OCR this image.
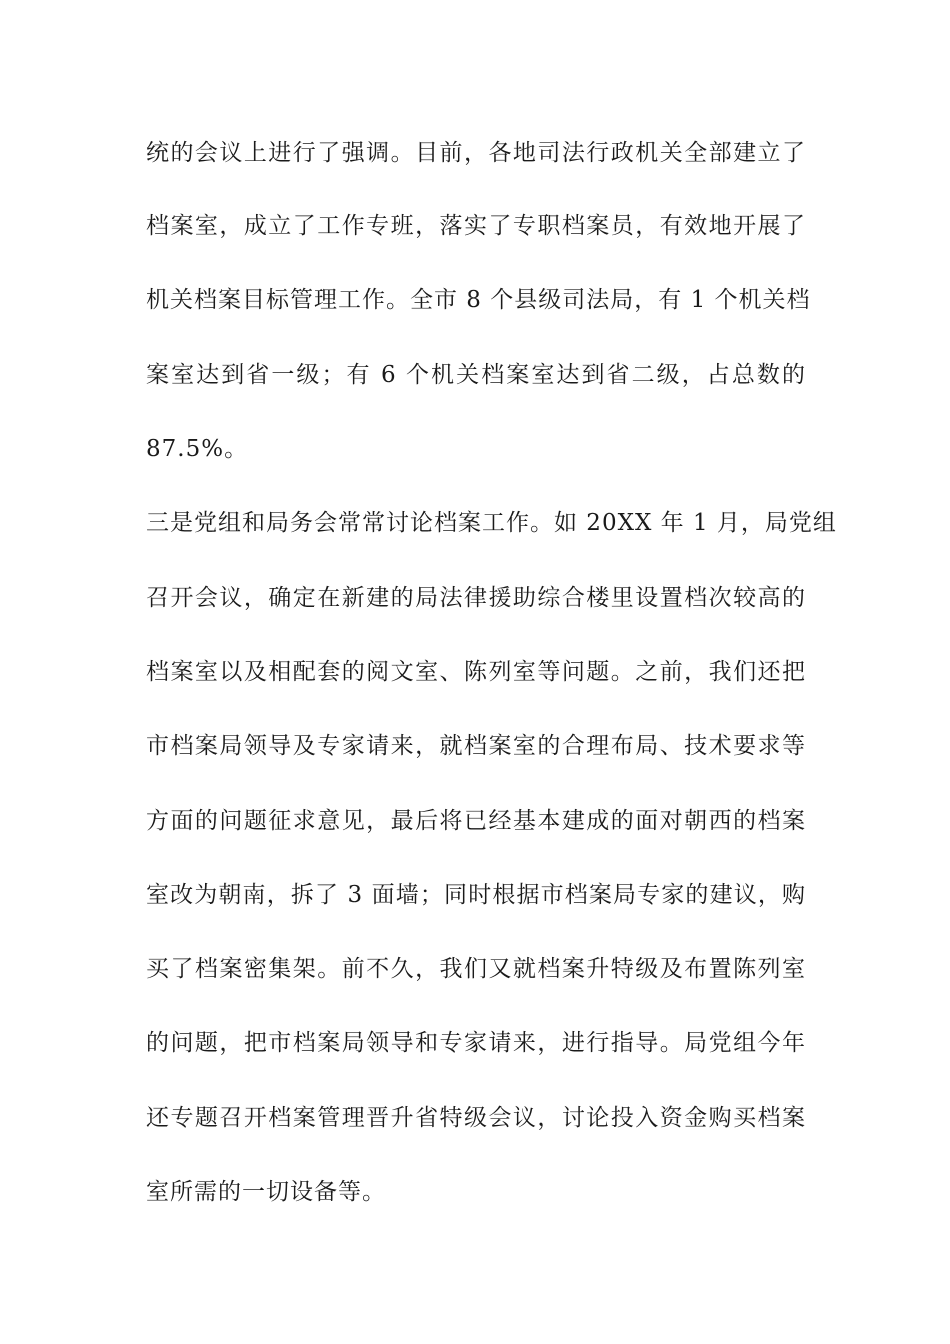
统的会议上进行了强调。目前，各地司法行政机关全部建立了
档案室，成立了工作专班，落实了专职档案员，有效地开展了
机关档案目标管理工作。全市 8 个县级司法局，有 1 个机关档
案室达到省一级；有 6 个机关档案室达到省二级，占总数的
87.5%。
三是党组和局务会常常讨论档案工作。如 20XX 年 1 月，局党组
召开会议，确定在新建的局法律援助综合楼里设置档次较高的
档案室以及相配套的阅文室、陈列室等问题。之前，我们还把
市档案局领导及专家请来，就档案室的合理布局、技术要求等
方面的问题征求意见，最后将已经基本建成的面对朝西的档案
室改为朝南，拆了 3 面墙；同时根据市档案局专家的建议，购
买了档案密集架。前不久，我们又就档案升特级及布置陈列室
的问题，把市档案局领导和专家请来，进行指导。局党组今年
还专题召开档案管理晋升省特级会议，讨论投入资金购买档案
室所需的一切设备等。
